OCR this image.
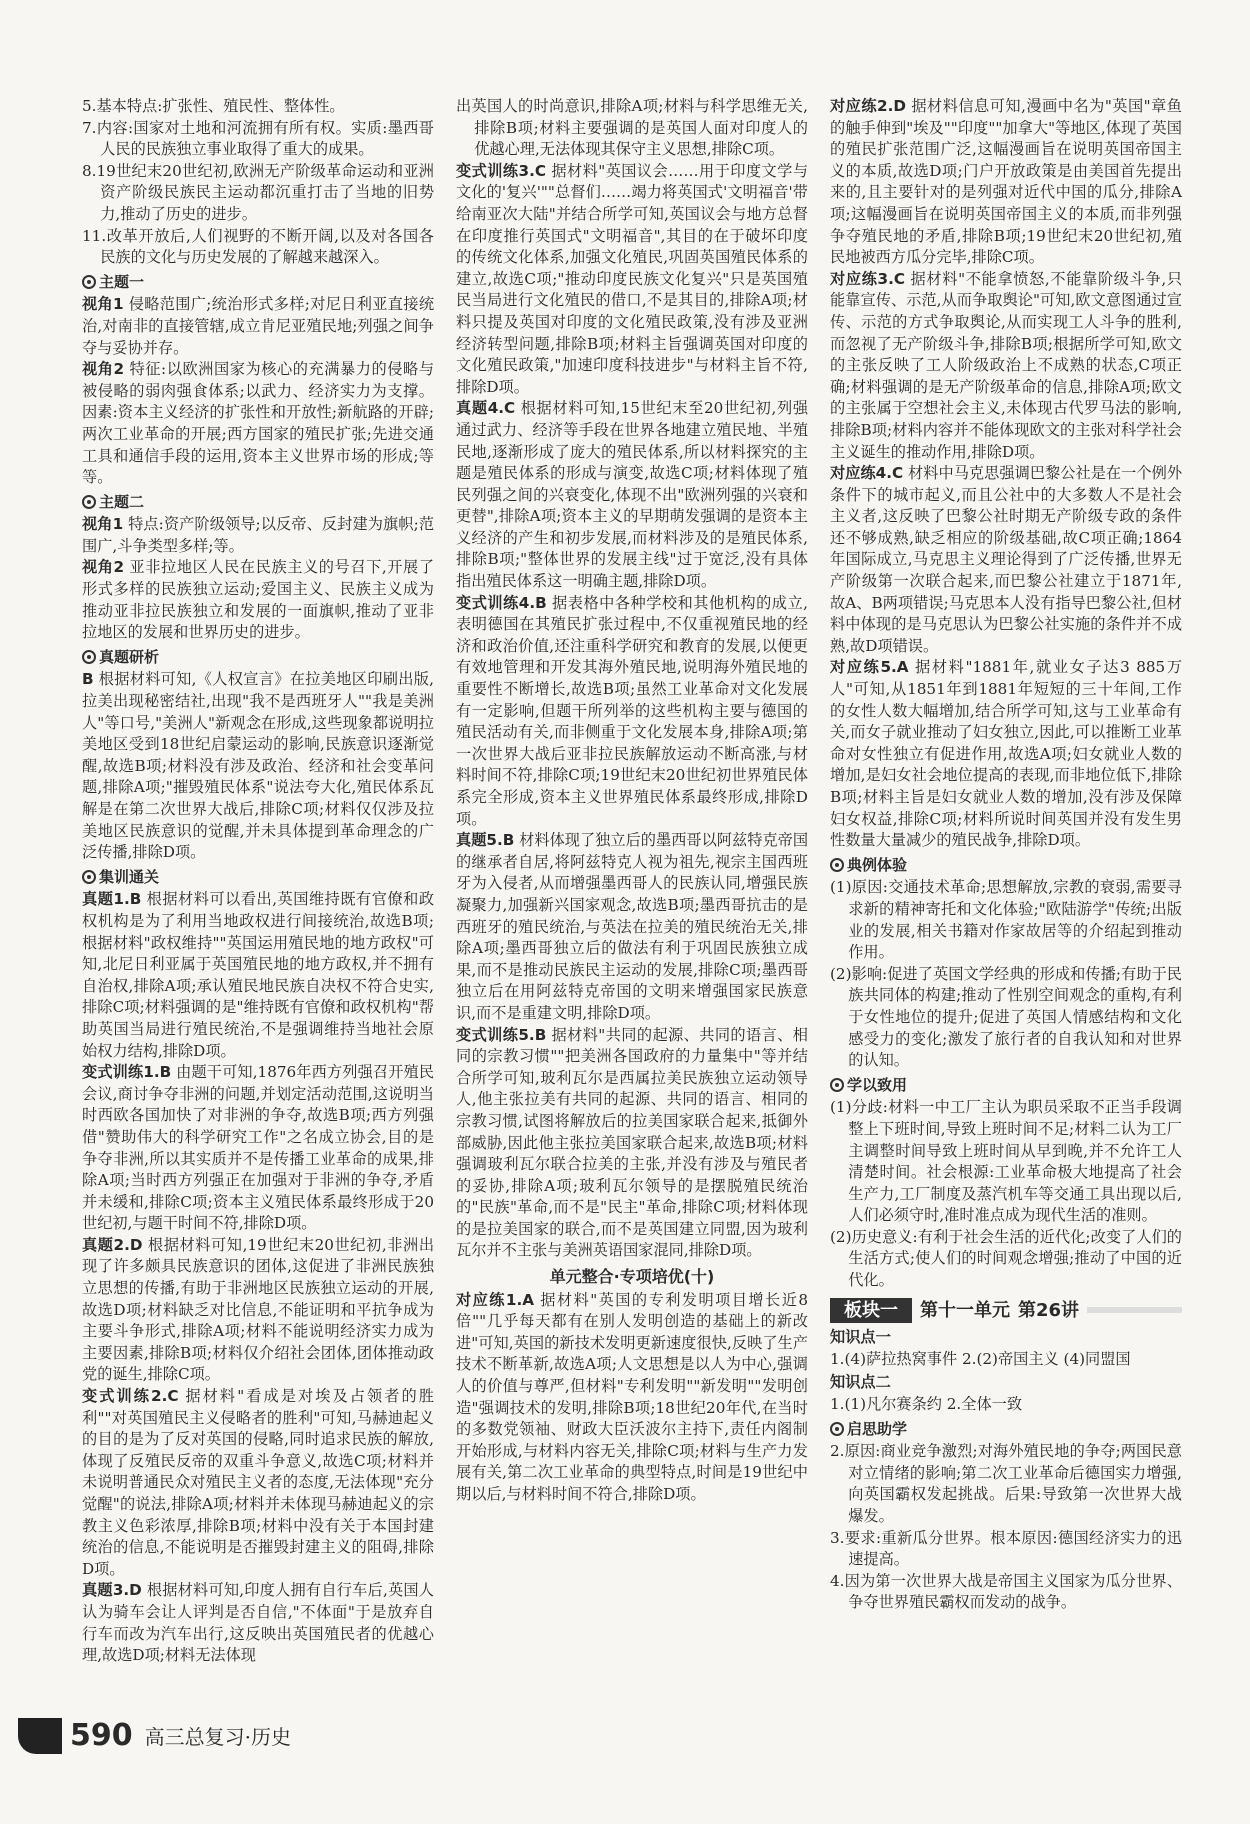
5.基本特点:扩张性、殖民性、整体性。

7.内容:国家对土地和河流拥有所有权。实质:墨西哥人民的民族独立事业取得了重大的成果。

8.19世纪末20世纪初,欧洲无产阶级革命运动和亚洲资产阶级民族民主运动都沉重打击了当地的旧势力,推动了历史的进步。

11.改革开放后,人们视野的不断开阔,以及对各国各民族的文化与历史发展的了解越来越深入。

主题一

视角1 侵略范围广;统治形式多样;对尼日利亚直接统治,对南非的直接管辖,成立肯尼亚殖民地;列强之间争夺与妥协并存。

视角2 特征:以欧洲国家为核心的充满暴力的侵略与被侵略的弱肉强食体系;以武力、经济实力为支撑。因素:资本主义经济的扩张性和开放性;新航路的开辟;两次工业革命的开展;西方国家的殖民扩张;先进交通工具和通信手段的运用,资本主义世界市场的形成;等等。

主题二

视角1 特点:资产阶级领导;以反帝、反封建为旗帜;范围广,斗争类型多样;等。

视角2 亚非拉地区人民在民族主义的号召下,开展了形式多样的民族独立运动;爱国主义、民族主义成为推动亚非拉民族独立和发展的一面旗帜,推动了亚非拉地区的发展和世界历史的进步。

真题研析

B 根据材料可知,《人权宣言》在拉美地区印刷出版,拉美出现秘密结社,出现"我不是西班牙人""我是美洲人"等口号,"美洲人"新观念在形成,这些现象都说明拉美地区受到18世纪启蒙运动的影响,民族意识逐渐觉醒,故选B项;材料没有涉及政治、经济和社会变革问题,排除A项;"摧毁殖民体系"说法夸大化,殖民体系瓦解是在第二次世界大战后,排除C项;材料仅仅涉及拉美地区民族意识的觉醒,并未具体提到革命理念的广泛传播,排除D项。

集训通关

真题1.B 根据材料可以看出,英国维持既有官僚和政权机构是为了利用当地政权进行间接统治,故选B项;根据材料"政权维持""英国运用殖民地的地方政权"可知,北尼日利亚属于英国殖民地的地方政权,并不拥有自治权,排除A项;承认殖民地民族自决权不符合史实,排除C项;材料强调的是"维持既有官僚和政权机构"帮助英国当局进行殖民统治,不是强调维持当地社会原始权力结构,排除D项。

变式训练1.B 由题干可知,1876年西方列强召开殖民会议,商讨争夺非洲的问题,并划定活动范围,这说明当时西欧各国加快了对非洲的争夺,故选B项;西方列强借"赞助伟大的科学研究工作"之名成立协会,目的是争夺非洲,所以其实质并不是传播工业革命的成果,排除A项;当时西方列强正在加强对于非洲的争夺,矛盾并未缓和,排除C项;资本主义殖民体系最终形成于20世纪初,与题干时间不符,排除D项。

真题2.D 根据材料可知,19世纪末20世纪初,非洲出现了许多颇具民族意识的团体,这促进了非洲民族独立思想的传播,有助于非洲地区民族独立运动的开展,故选D项;材料缺乏对比信息,不能证明和平抗争成为主要斗争形式,排除A项;材料不能说明经济实力成为主要因素,排除B项;材料仅介绍社会团体,团体推动政党的诞生,排除C项。

变式训练2.C 据材料"看成是对埃及占领者的胜利""对英国殖民主义侵略者的胜利"可知,马赫迪起义的目的是为了反对英国的侵略,同时追求民族的解放,体现了反殖民反帝的双重斗争意义,故选C项;材料并未说明普通民众对殖民主义者的态度,无法体现"充分觉醒"的说法,排除A项;材料并未体现马赫迪起义的宗教主义色彩浓厚,排除B项;材料中没有关于本国封建统治的信息,不能说明是否摧毁封建主义的阻碍,排除D项。

真题3.D 根据材料可知,印度人拥有自行车后,英国人认为骑车会让人评判是否自信,"不体面"于是放弃自行车而改为汽车出行,这反映出英国殖民者的优越心理,故选D项;材料无法体现

出英国人的时尚意识,排除A项;材料与科学思维无关,排除B项;材料主要强调的是英国人面对印度人的优越心理,无法体现其保守主义思想,排除C项。

变式训练3.C 据材料"英国议会……用于印度文学与文化的'复兴'""总督们……竭力将英国式'文明福音'带给南亚次大陆"并结合所学可知,英国议会与地方总督在印度推行英国式"文明福音",其目的在于破坏印度的传统文化体系,加强文化殖民,巩固英国殖民体系的建立,故选C项;"推动印度民族文化复兴"只是英国殖民当局进行文化殖民的借口,不是其目的,排除A项;材料只提及英国对印度的文化殖民政策,没有涉及亚洲经济转型问题,排除B项;材料主旨强调英国对印度的文化殖民政策,"加速印度科技进步"与材料主旨不符,排除D项。

真题4.C 根据材料可知,15世纪末至20世纪初,列强通过武力、经济等手段在世界各地建立殖民地、半殖民地,逐渐形成了庞大的殖民体系,所以材料探究的主题是殖民体系的形成与演变,故选C项;材料体现了殖民列强之间的兴衰变化,体现不出"欧洲列强的兴衰和更替",排除A项;资本主义的早期萌发强调的是资本主义经济的产生和初步发展,而材料涉及的是殖民体系,排除B项;"整体世界的发展主线"过于宽泛,没有具体指出殖民体系这一明确主题,排除D项。

变式训练4.B 据表格中各种学校和其他机构的成立,表明德国在其殖民扩张过程中,不仅重视殖民地的经济和政治价值,还注重科学研究和教育的发展,以便更有效地管理和开发其海外殖民地,说明海外殖民地的重要性不断增长,故选B项;虽然工业革命对文化发展有一定影响,但题干所列举的这些机构主要与德国的殖民活动有关,而非侧重于文化发展本身,排除A项;第一次世界大战后亚非拉民族解放运动不断高涨,与材料时间不符,排除C项;19世纪末20世纪初世界殖民体系完全形成,资本主义世界殖民体系最终形成,排除D项。

真题5.B 材料体现了独立后的墨西哥以阿兹特克帝国的继承者自居,将阿兹特克人视为祖先,视宗主国西班牙为入侵者,从而增强墨西哥人的民族认同,增强民族凝聚力,加强新兴国家观念,故选B项;墨西哥抗击的是西班牙的殖民统治,与英法在拉美的殖民统治无关,排除A项;墨西哥独立后的做法有利于巩固民族独立成果,而不是推动民族民主运动的发展,排除C项;墨西哥独立后在用阿兹特克帝国的文明来增强国家民族意识,而不是重建文明,排除D项。

变式训练5.B 据材料"共同的起源、共同的语言、相同的宗教习惯""把美洲各国政府的力量集中"等并结合所学可知,玻利瓦尔是西属拉美民族独立运动领导人,他主张拉美有共同的起源、共同的语言、相同的宗教习惯,试图将解放后的拉美国家联合起来,抵御外部威胁,因此他主张拉美国家联合起来,故选B项;材料强调玻利瓦尔联合拉美的主张,并没有涉及与殖民者的妥协,排除A项;玻利瓦尔领导的是摆脱殖民统治的"民族"革命,而不是"民主"革命,排除C项;材料体现的是拉美国家的联合,而不是英国建立同盟,因为玻利瓦尔并不主张与美洲英语国家混同,排除D项。

单元整合·专项培优(十)

对应练1.A 据材料"英国的专利发明项目增长近8倍""几乎每天都有在别人发明创造的基础上的新改进"可知,英国的新技术发明更新速度很快,反映了生产技术不断革新,故选A项;人文思想是以人为中心,强调人的价值与尊严,但材料"专利发明""新发明""发明创造"强调技术的发明,排除B项;18世纪20年代,在当时的多数党领袖、财政大臣沃波尔主持下,责任内阁制开始形成,与材料内容无关,排除C项;材料与生产力发展有关,第二次工业革命的典型特点,时间是19世纪中期以后,与材料时间不符合,排除D项。

对应练2.D 据材料信息可知,漫画中名为"英国"章鱼的触手伸到"埃及""印度""加拿大"等地区,体现了英国的殖民扩张范围广泛,这幅漫画旨在说明英国帝国主义的本质,故选D项;门户开放政策是由美国首先提出来的,且主要针对的是列强对近代中国的瓜分,排除A项;这幅漫画旨在说明英国帝国主义的本质,而非列强争夺殖民地的矛盾,排除B项;19世纪末20世纪初,殖民地被西方瓜分完毕,排除C项。

对应练3.C 据材料"不能拿愤怒,不能靠阶级斗争,只能靠宣传、示范,从而争取舆论"可知,欧文意图通过宣传、示范的方式争取舆论,从而实现工人斗争的胜利,而忽视了无产阶级斗争,排除B项;根据所学可知,欧文的主张反映了工人阶级政治上不成熟的状态,C项正确;材料强调的是无产阶级革命的信息,排除A项;欧文的主张属于空想社会主义,未体现古代罗马法的影响,排除B项;材料内容并不能体现欧文的主张对科学社会主义诞生的推动作用,排除D项。

对应练4.C 材料中马克思强调巴黎公社是在一个例外条件下的城市起义,而且公社中的大多数人不是社会主义者,这反映了巴黎公社时期无产阶级专政的条件还不够成熟,缺乏相应的阶级基础,故C项正确;1864年国际成立,马克思主义理论得到了广泛传播,世界无产阶级第一次联合起来,而巴黎公社建立于1871年,故A、B两项错误;马克思本人没有指导巴黎公社,但材料中体现的是马克思认为巴黎公社实施的条件并不成熟,故D项错误。

对应练5.A 据材料"1881年,就业女子达3 885万人"可知,从1851年到1881年短短的三十年间,工作的女性人数大幅增加,结合所学可知,这与工业革命有关,而女子就业推动了妇女独立,因此,可以推断工业革命对女性独立有促进作用,故选A项;妇女就业人数的增加,是妇女社会地位提高的表现,而非地位低下,排除B项;材料主旨是妇女就业人数的增加,没有涉及保障妇女权益,排除C项;材料所说时间英国并没有发生男性数量大量减少的殖民战争,排除D项。

典例体验

(1)原因:交通技术革命;思想解放,宗教的衰弱,需要寻求新的精神寄托和文化体验;"欧陆游学"传统;出版业的发展,相关书籍对作家故居等的介绍起到推动作用。

(2)影响:促进了英国文学经典的形成和传播;有助于民族共同体的构建;推动了性别空间观念的重构,有利于女性地位的提升;促进了英国人情感结构和文化感受力的变化;激发了旅行者的自我认知和对世界的认知。

学以致用

(1)分歧:材料一中工厂主认为职员采取不正当手段调整上下班时间,导致上班时间不足;材料二认为工厂主调整时间导致上班时间从早到晚,并不允许工人清楚时间。社会根源:工业革命极大地提高了社会生产力,工厂制度及蒸汽机车等交通工具出现以后,人们必须守时,准时准点成为现代生活的准则。

(2)历史意义:有利于社会生活的近代化;改变了人们的生活方式;使人们的时间观念增强;推动了中国的近代化。

板块一	第十一单元 第26讲
知识点一

1.(4)萨拉热窝事件 2.(2)帝国主义 (4)同盟国

知识点二

1.(1)凡尔赛条约 2.全体一致

启思助学

2.原因:商业竞争激烈;对海外殖民地的争夺;两国民意对立情绪的影响;第二次工业革命后德国实力增强,向英国霸权发起挑战。后果:导致第一次世界大战爆发。

3.要求:重新瓜分世界。根本原因:德国经济实力的迅速提高。

4.因为第一次世界大战是帝国主义国家为瓜分世界、争夺世界殖民霸权而发动的战争。

590 高三总复习·历史
